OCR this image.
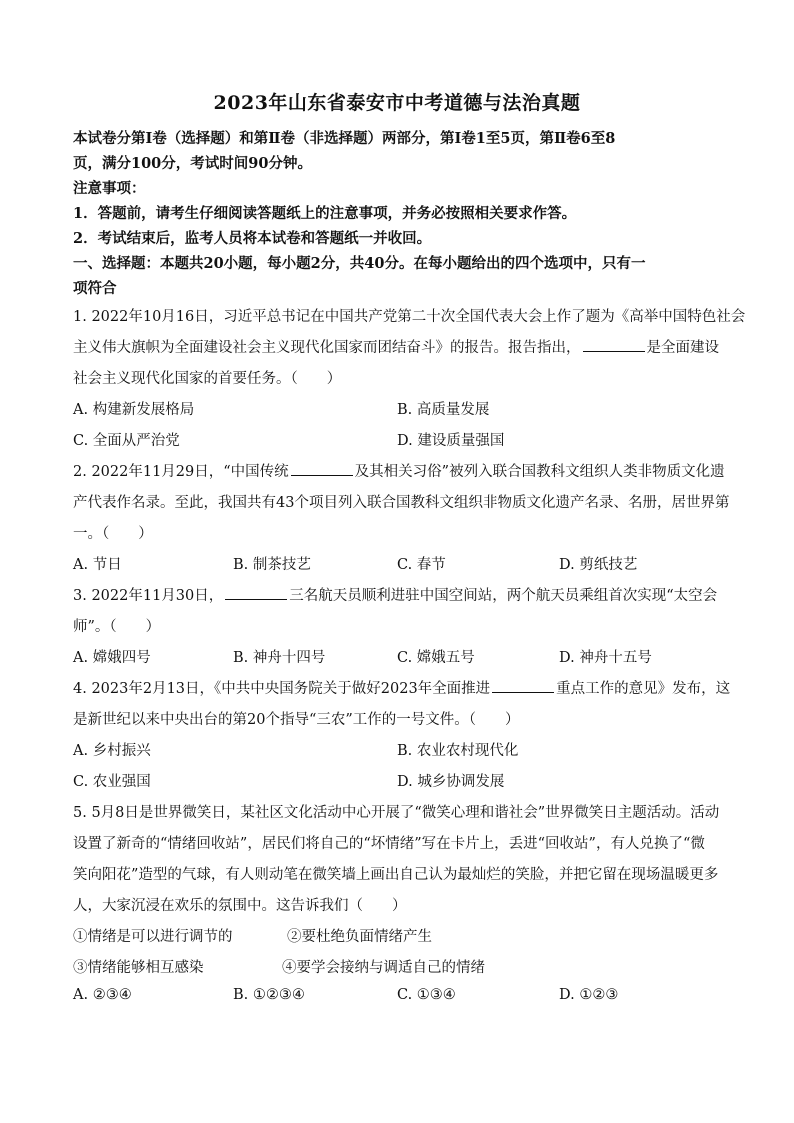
2023年山东省泰安市中考道德与法治真题
本试卷分第Ⅰ卷（选择题）和第Ⅱ卷（非选择题）两部分，第Ⅰ卷1至5页，第Ⅱ卷6至8
页，满分100分，考试时间90分钟。
注意事项：
1．答题前，请考生仔细阅读答题纸上的注意事项，并务必按照相关要求作答。
2．考试结束后，监考人员将本试卷和答题纸一并收回。
一、选择题：本题共20小题，每小题2分，共40分。在每小题给出的四个选项中，只有一
项符合
1. 2022年10月16日，习近平总书记在中国共产党第二十次全国代表大会上作了题为《高举中国特色社会
主义伟大旗帜为全面建设社会主义现代化国家而团结奋斗》的报告。报告指出，	是全面建设
社会主义现代化国家的首要任务。（　　）
A. 构建新发展格局	B. 高质量发展
C. 全面从严治党	D. 建设质量强国
2. 2022年11月29日，“中国传统	及其相关习俗”被列入联合国教科文组织人类非物质文化遗
产代表作名录。至此，我国共有43个项目列入联合国教科文组织非物质文化遗产名录、名册，居世界第
一。（　　）
A. 节日	B. 制茶技艺	C. 春节	D. 剪纸技艺
3. 2022年11月30日，	三名航天员顺利进驻中国空间站，两个航天员乘组首次实现“太空会
师”。（　　）
A. 嫦娥四号	B. 神舟十四号	C. 嫦娥五号	D. 神舟十五号
4. 2023年2月13日，《中共中央国务院关于做好2023年全面推进	重点工作的意见》发布，这
是新世纪以来中央出台的第20个指导“三农”工作的一号文件。（　　）
A. 乡村振兴	B. 农业农村现代化
C. 农业强国	D. 城乡协调发展
5. 5月8日是世界微笑日，某社区文化活动中心开展了“微笑心理和谐社会”世界微笑日主题活动。活动
设置了新奇的“情绪回收站”，居民们将自己的“坏情绪”写在卡片上，丢进“回收站”，有人兑换了“微
笑向阳花”造型的气球，有人则动笔在微笑墙上画出自己认为最灿烂的笑脸，并把它留在现场温暖更多
人，大家沉浸在欢乐的氛围中。这告诉我们（　　）
①情绪是可以进行调节的	②要杜绝负面情绪产生
③情绪能够相互感染	④要学会接纳与调适自己的情绪
A. ②③④	B. ①②③④	C. ①③④	D. ①②③
